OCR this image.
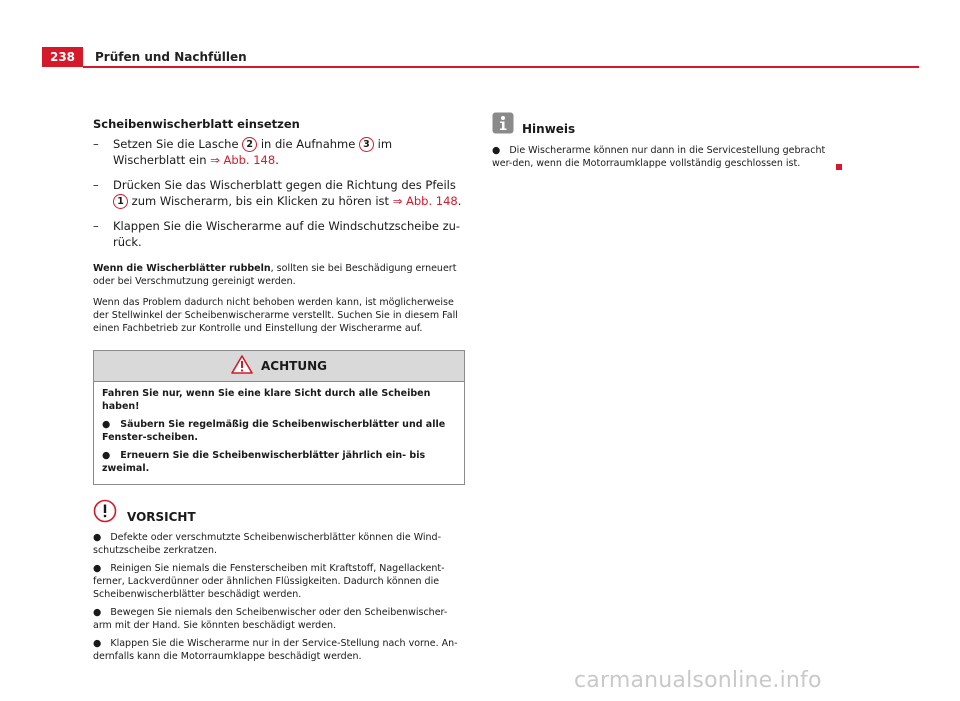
238	Prüfen und Nachfüllen
Scheibenwischerblatt einsetzen
– Setzen Sie die Lasche 2 in die Aufnahme 3 im Wischerblatt ein ⇒ Abb. 148.
– Drücken Sie das Wischerblatt gegen die Richtung des Pfeils 1 zum Wischerarm, bis ein Klicken zu hören ist ⇒ Abb. 148.
– Klappen Sie die Wischerarme auf die Windschutzscheibe zu-rück.

Wenn die Wischerblätter rubbeln, sollten sie bei Beschädigung erneuert oder bei Verschmutzung gereinigt werden.

Wenn das Problem dadurch nicht behoben werden kann, ist möglicherweise der Stellwinkel der Scheibenwischerarme verstellt. Suchen Sie in diesem Fall einen Fachbetrieb zur Kontrolle und Einstellung der Wischerarme auf.

ACHTUNG

Fahren Sie nur, wenn Sie eine klare Sicht durch alle Scheiben haben!

● Säubern Sie regelmäßig die Scheibenwischerblätter und alle Fenster-scheiben.

● Erneuern Sie die Scheibenwischerblätter jährlich ein- bis zweimal.

VORSICHT

● Defekte oder verschmutzte Scheibenwischerblätter können die Wind-schutzscheibe zerkratzen.

● Reinigen Sie niemals die Fensterscheiben mit Kraftstoff, Nagellackent-ferner, Lackverdünner oder ähnlichen Flüssigkeiten. Dadurch können die Scheibenwischerblätter beschädigt werden.

● Bewegen Sie niemals den Scheibenwischer oder den Scheibenwischer-arm mit der Hand. Sie könnten beschädigt werden.

● Klappen Sie die Wischerarme nur in der Service-Stellung nach vorne. An-dernfalls kann die Motorraumklappe beschädigt werden.

Hinweis

● Die Wischerarme können nur dann in die Servicestellung gebracht wer-den, wenn die Motorraumklappe vollständig geschlossen ist.

carmanualsonline.info
